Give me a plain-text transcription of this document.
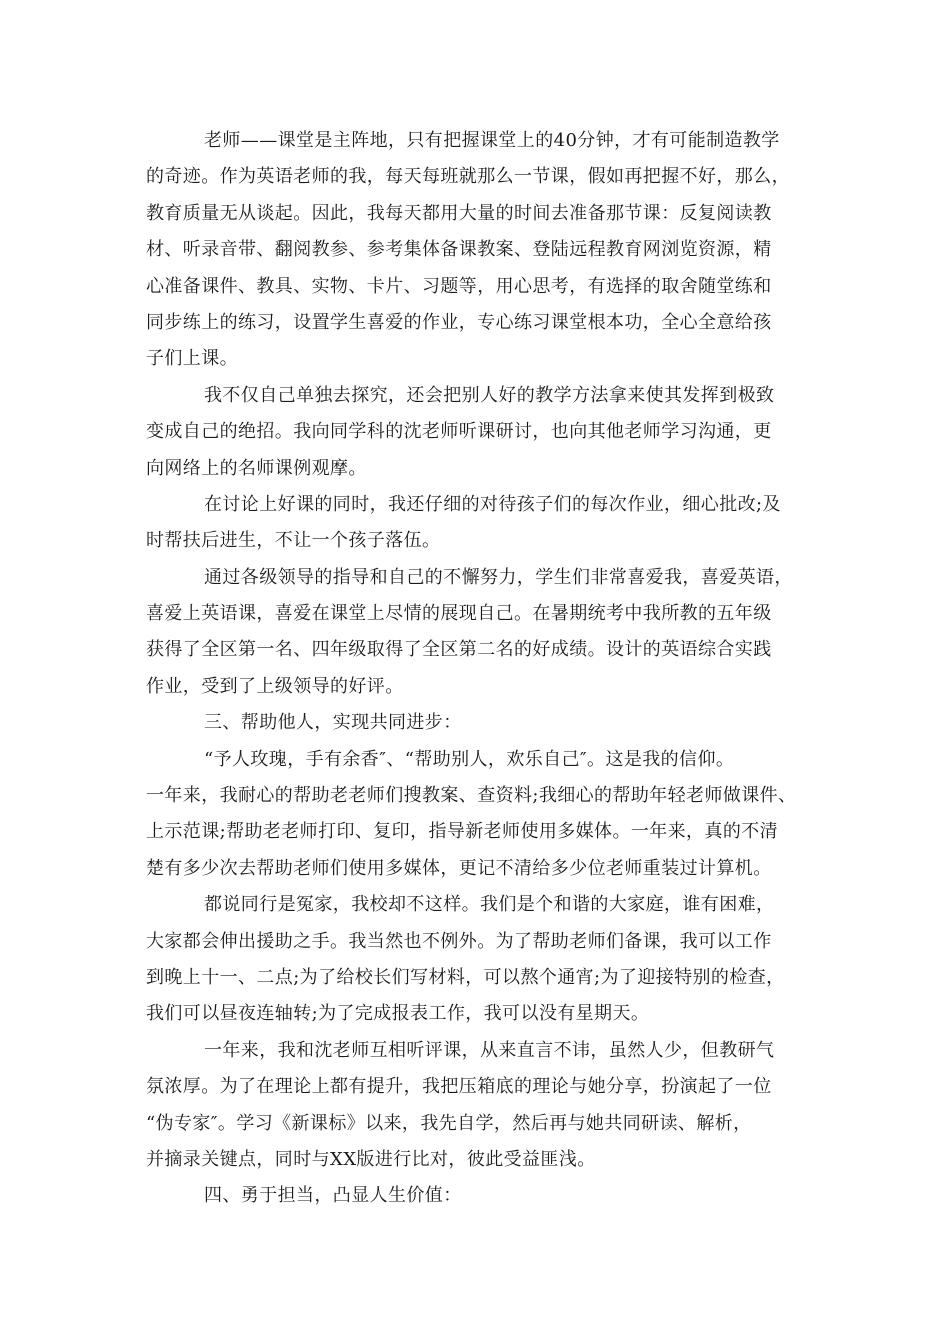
老师——课堂是主阵地，只有把握课堂上的40分钟，才有可能制造教学
的奇迹。作为英语老师的我，每天每班就那么一节课，假如再把握不好，那么，
教育质量无从谈起。因此，我每天都用大量的时间去准备那节课：反复阅读教
材、听录音带、翻阅教参、参考集体备课教案、登陆远程教育网浏览资源，精
心准备课件、教具、实物、卡片、习题等，用心思考，有选择的取舍随堂练和
同步练上的练习，设置学生喜爱的作业，专心练习课堂根本功，全心全意给孩
子们上课。
我不仅自己单独去探究，还会把别人好的教学方法拿来使其发挥到极致
变成自己的绝招。我向同学科的沈老师听课研讨，也向其他老师学习沟通，更
向网络上的名师课例观摩。
在讨论上好课的同时，我还仔细的对待孩子们的每次作业，细心批改;及
时帮扶后进生，不让一个孩子落伍。
通过各级领导的指导和自己的不懈努力，学生们非常喜爱我，喜爱英语，
喜爱上英语课，喜爱在课堂上尽情的展现自己。在暑期统考中我所教的五年级
获得了全区第一名、四年级取得了全区第二名的好成绩。设计的英语综合实践
作业，受到了上级领导的好评。
三、帮助他人，实现共同进步：
“予人玫瑰，手有余香″、“帮助别人，欢乐自己″。这是我的信仰。
一年来，我耐心的帮助老老师们搜教案、查资料;我细心的帮助年轻老师做课件、
上示范课;帮助老老师打印、复印，指导新老师使用多媒体。一年来，真的不清
楚有多少次去帮助老师们使用多媒体，更记不清给多少位老师重装过计算机。
都说同行是冤家，我校却不这样。我们是个和谐的大家庭，谁有困难，
大家都会伸出援助之手。我当然也不例外。为了帮助老师们备课，我可以工作
到晚上十一、二点;为了给校长们写材料，可以熬个通宵;为了迎接特别的检查，
我们可以昼夜连轴转;为了完成报表工作，我可以没有星期天。
一年来，我和沈老师互相听评课，从来直言不讳，虽然人少，但教研气
氛浓厚。为了在理论上都有提升，我把压箱底的理论与她分享，扮演起了一位
“伪专家″。学习《新课标》以来，我先自学，然后再与她共同研读、解析，
并摘录关键点，同时与XX版进行比对，彼此受益匪浅。
四、勇于担当，凸显人生价值：
